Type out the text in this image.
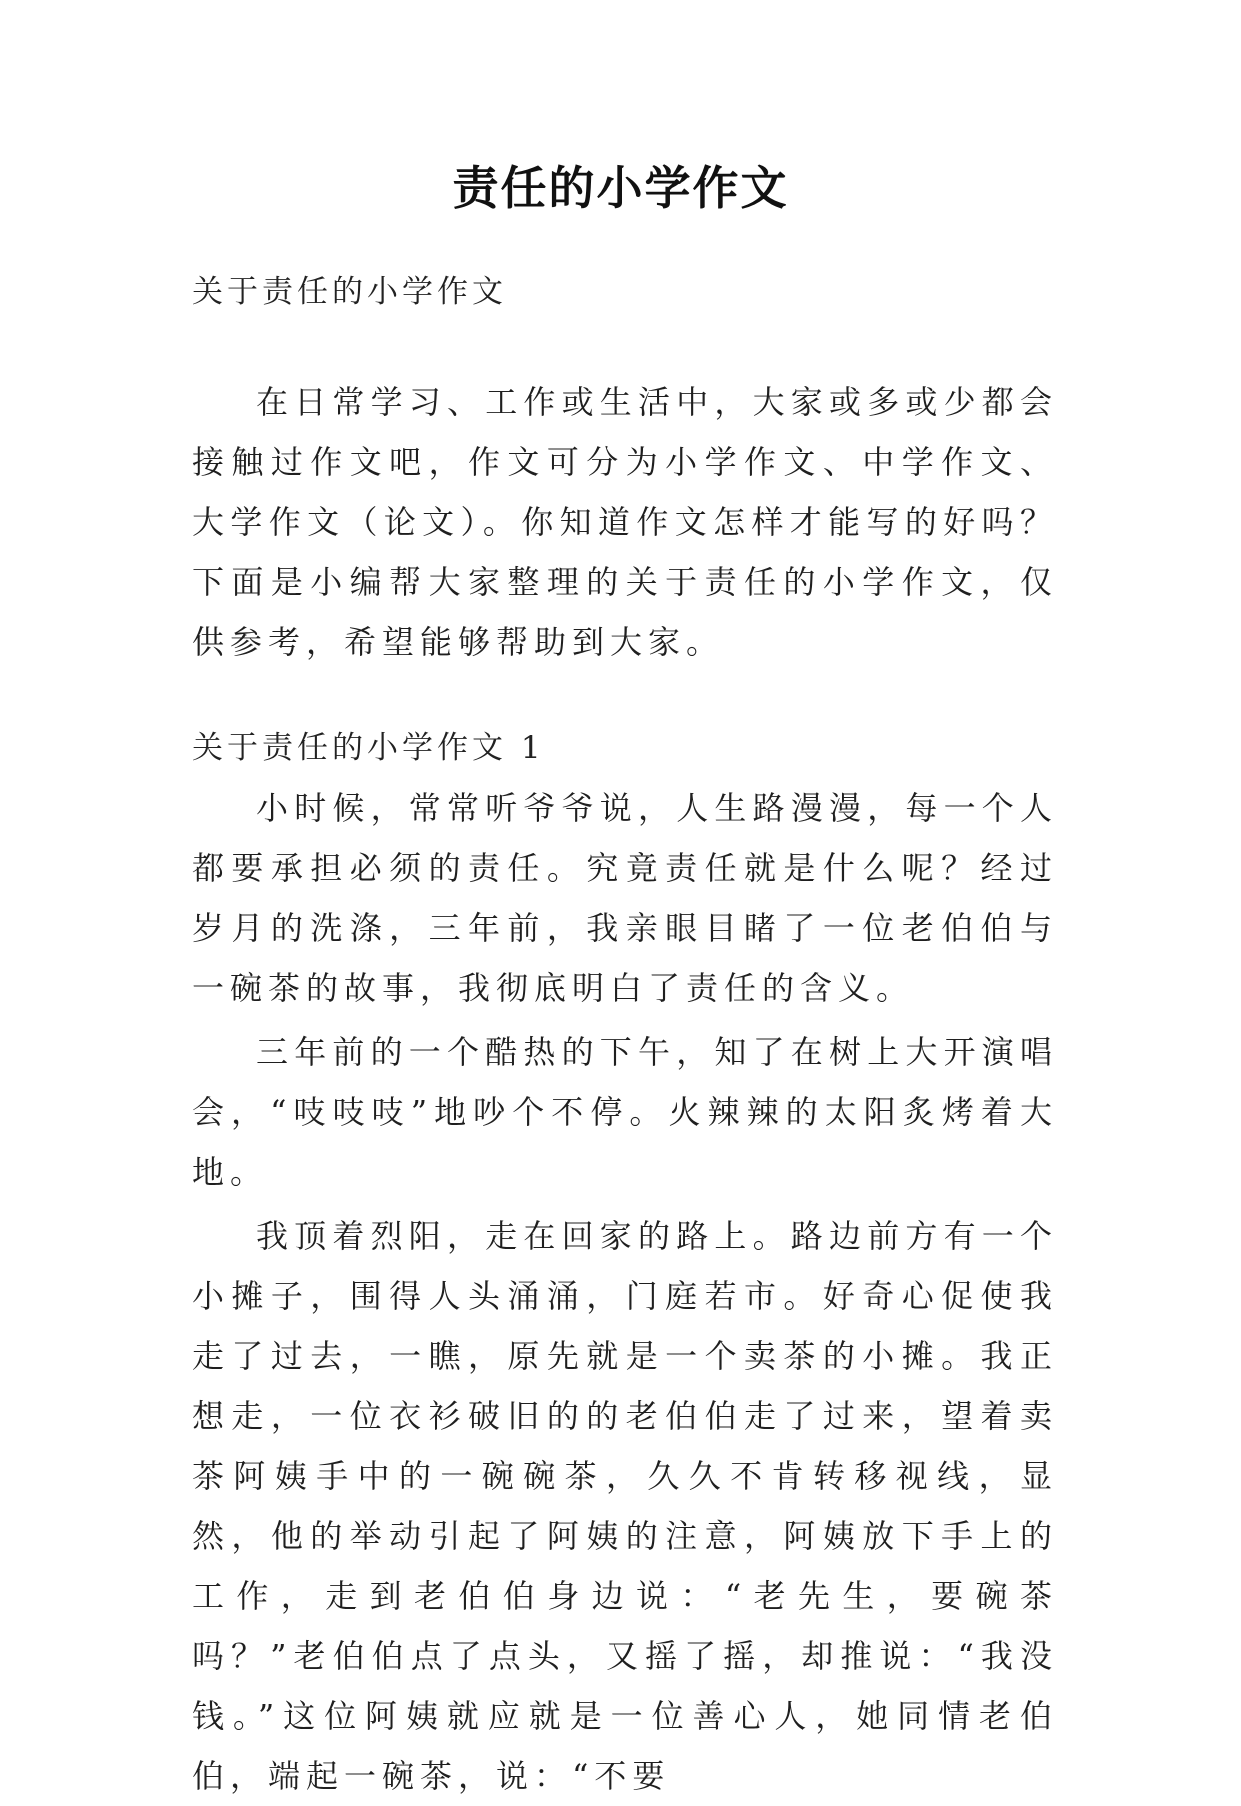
责任的小学作文

关于责任的小学作文

在日常学习、工作或生活中，大家或多或少都会接触过作文吧，作文可分为小学作文、中学作文、大学作文（论文）。你知道作文怎样才能写的好吗？下面是小编帮大家整理的关于责任的小学作文，仅供参考，希望能够帮助到大家。

关于责任的小学作文 1

小时候，常常听爷爷说，人生路漫漫，每一个人都要承担必须的责任。究竟责任就是什么呢？经过岁月的洗涤，三年前，我亲眼目睹了一位老伯伯与一碗茶的故事，我彻底明白了责任的含义。

三年前的一个酷热的下午，知了在树上大开演唱会，“吱吱吱”地吵个不停。火辣辣的太阳炙烤着大地。

我顶着烈阳，走在回家的路上。路边前方有一个小摊子，围得人头涌涌，门庭若市。好奇心促使我走了过去，一瞧，原先就是一个卖茶的小摊。我正想走，一位衣衫破旧的的老伯伯走了过来，望着卖茶阿姨手中的一碗碗茶，久久不肯转移视线，显然，他的举动引起了阿姨的注意，阿姨放下手上的工作，走到老伯伯身边说：“老先生，要碗茶吗？”老伯伯点了点头，又摇了摇，却推说：“我没钱。”这位阿姨就应就是一位善心人，她同情老伯伯，端起一碗茶，说：“不要
